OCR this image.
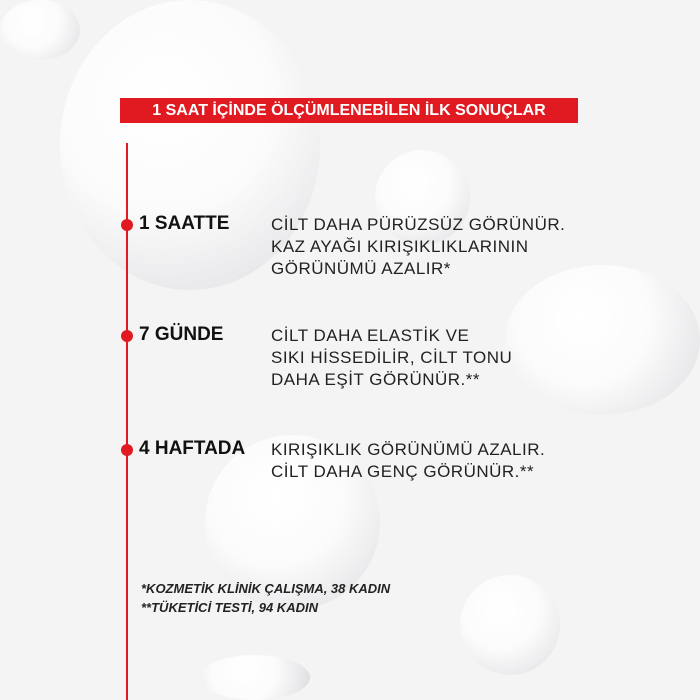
1 SAAT İÇİNDE ÖLÇÜMLENEBİLEN İLK SONUÇLAR
1 SAATTE CİLT DAHA PÜRÜZSÜZ GÖRÜNÜR.
KAZ AYAĞI KIRIŞIKLIKLARININ
GÖRÜNÜMÜ AZALIR*
7 GÜNDE	CİLT DAHA ELASTİK VE
SIKI HİSSEDİLİR, CİLT TONU
DAHA EŞİT GÖRÜNÜR.**
4 HAFTADA KIRIŞIKLIK GÖRÜNÜMÜ AZALIR.
CİLT DAHA GENÇ GÖRÜNÜR.**
*KOZMETİK KLİNİK ÇALIŞMA, 38 KADIN
**TÜKETİCİ TESTİ, 94 KADIN
